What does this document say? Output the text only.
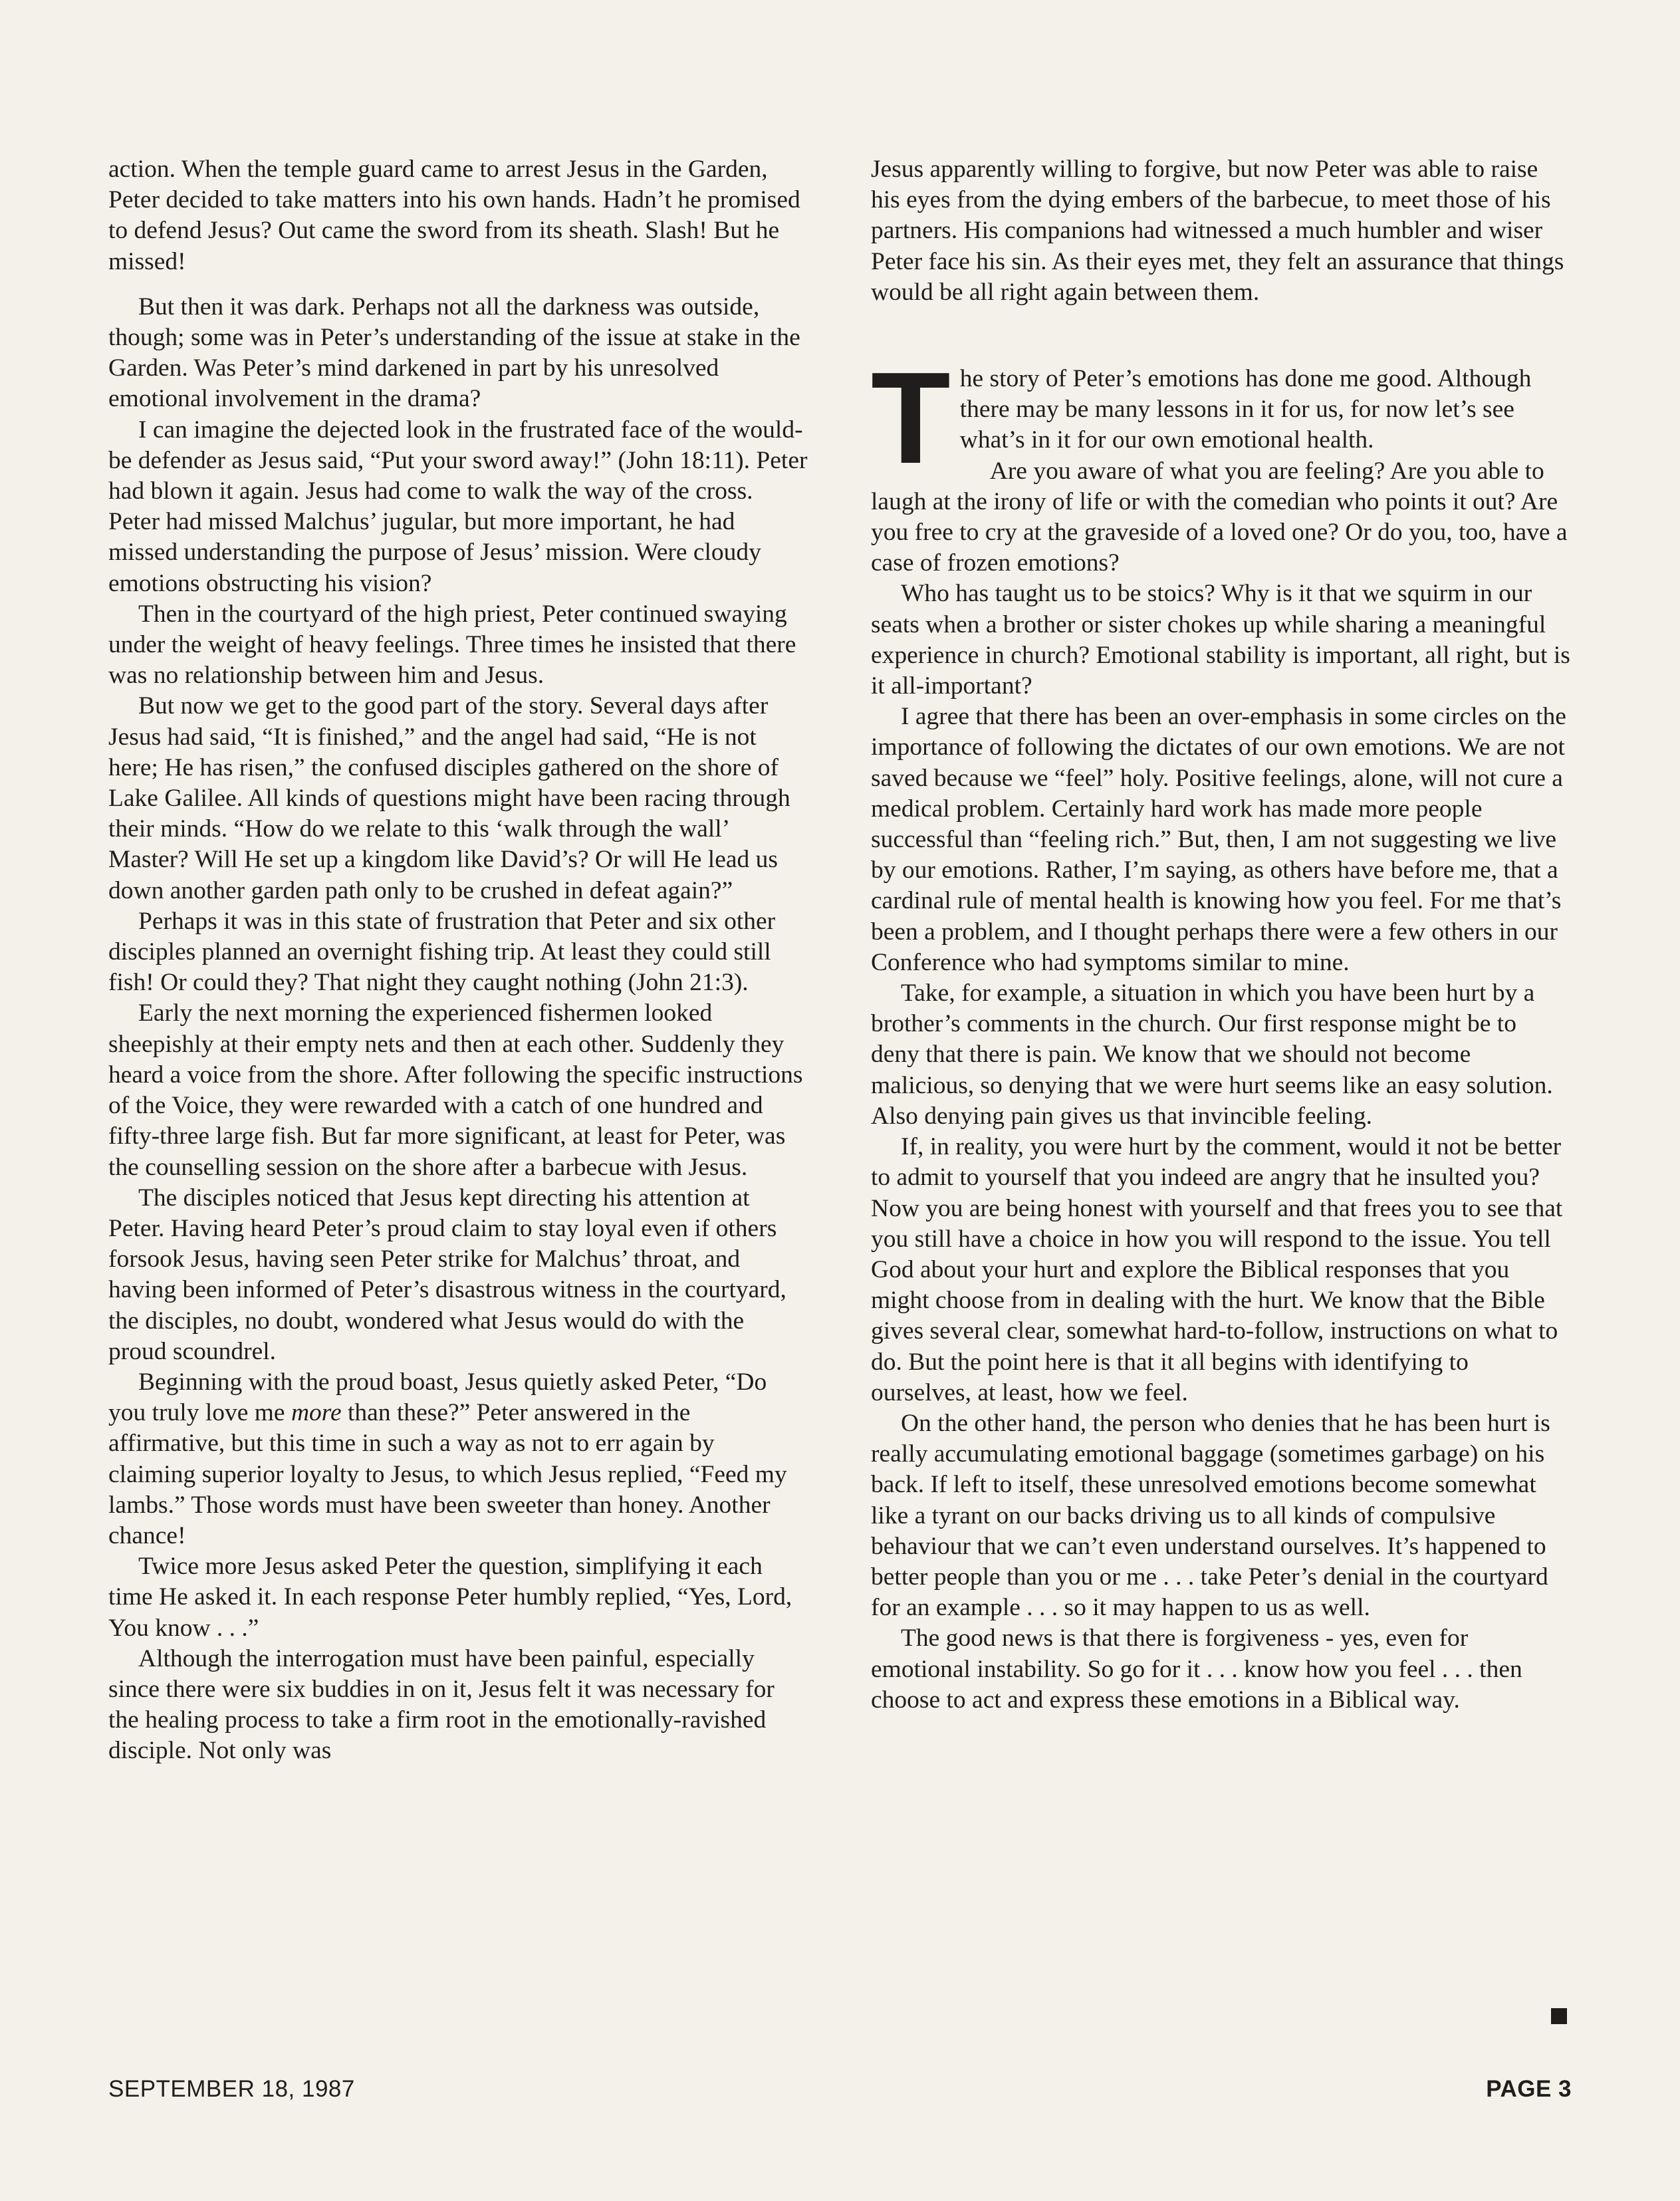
action. When the temple guard came to arrest Jesus in the Garden, Peter decided to take matters into his own hands. Hadn’t he promised to defend Jesus? Out came the sword from its sheath. Slash! But he missed!

But then it was dark. Perhaps not all the darkness was outside, though; some was in Peter’s understanding of the issue at stake in the Garden. Was Peter’s mind darkened in part by his unresolved emotional involvement in the drama?

I can imagine the dejected look in the frustrated face of the would-be defender as Jesus said, “Put your sword away!” (John 18:11). Peter had blown it again. Jesus had come to walk the way of the cross. Peter had missed Malchus’ jugular, but more important, he had missed understanding the purpose of Jesus’ mission. Were cloudy emotions obstructing his vision?

Then in the courtyard of the high priest, Peter continued swaying under the weight of heavy feelings. Three times he insisted that there was no relationship between him and Jesus.

But now we get to the good part of the story. Several days after Jesus had said, “It is finished,” and the angel had said, “He is not here; He has risen,” the confused disciples gathered on the shore of Lake Galilee. All kinds of questions might have been racing through their minds. “How do we relate to this ‘walk through the wall’ Master? Will He set up a kingdom like David’s? Or will He lead us down another garden path only to be crushed in defeat again?”

Perhaps it was in this state of frustration that Peter and six other disciples planned an overnight fishing trip. At least they could still fish! Or could they? That night they caught nothing (John 21:3).

Early the next morning the experienced fishermen looked sheepishly at their empty nets and then at each other. Suddenly they heard a voice from the shore. After following the specific instructions of the Voice, they were rewarded with a catch of one hundred and fifty-three large fish. But far more significant, at least for Peter, was the counselling session on the shore after a barbecue with Jesus.

The disciples noticed that Jesus kept directing his attention at Peter. Having heard Peter’s proud claim to stay loyal even if others forsook Jesus, having seen Peter strike for Malchus’ throat, and having been informed of Peter’s disastrous witness in the courtyard, the disciples, no doubt, wondered what Jesus would do with the proud scoundrel.

Beginning with the proud boast, Jesus quietly asked Peter, “Do you truly love me more than these?” Peter answered in the affirmative, but this time in such a way as not to err again by claiming superior loyalty to Jesus, to which Jesus replied, “Feed my lambs.” Those words must have been sweeter than honey. Another chance!

Twice more Jesus asked Peter the question, simplifying it each time He asked it. In each response Peter humbly replied, “Yes, Lord, You know . . .”

Although the interrogation must have been painful, especially since there were six buddies in on it, Jesus felt it was necessary for the healing process to take a firm root in the emotionally-ravished disciple. Not only was

Jesus apparently willing to forgive, but now Peter was able to raise his eyes from the dying embers of the barbecue, to meet those of his partners. His companions had witnessed a much humbler and wiser Peter face his sin. As their eyes met, they felt an assurance that things would be all right again between them.

The story of Peter’s emotions has done me good. Although there may be many lessons in it for us, for now let’s see what’s in it for our own emotional health.

Are you aware of what you are feeling? Are you able to laugh at the irony of life or with the comedian who points it out? Are you free to cry at the graveside of a loved one? Or do you, too, have a case of frozen emotions?

Who has taught us to be stoics? Why is it that we squirm in our seats when a brother or sister chokes up while sharing a meaningful experience in church? Emotional stability is important, all right, but is it all-important?

I agree that there has been an over-emphasis in some circles on the importance of following the dictates of our own emotions. We are not saved because we “feel” holy. Positive feelings, alone, will not cure a medical problem. Certainly hard work has made more people successful than “feeling rich.” But, then, I am not suggesting we live by our emotions. Rather, I’m saying, as others have before me, that a cardinal rule of mental health is knowing how you feel. For me that’s been a problem, and I thought perhaps there were a few others in our Conference who had symptoms similar to mine.

Take, for example, a situation in which you have been hurt by a brother’s comments in the church. Our first response might be to deny that there is pain. We know that we should not become malicious, so denying that we were hurt seems like an easy solution. Also denying pain gives us that invincible feeling.

If, in reality, you were hurt by the comment, would it not be better to admit to yourself that you indeed are angry that he insulted you? Now you are being honest with yourself and that frees you to see that you still have a choice in how you will respond to the issue. You tell God about your hurt and explore the Biblical responses that you might choose from in dealing with the hurt. We know that the Bible gives several clear, somewhat hard-to-follow, instructions on what to do. But the point here is that it all begins with identifying to ourselves, at least, how we feel.

On the other hand, the person who denies that he has been hurt is really accumulating emotional baggage (sometimes garbage) on his back. If left to itself, these unresolved emotions become somewhat like a tyrant on our backs driving us to all kinds of compulsive behaviour that we can’t even understand ourselves. It’s happened to better people than you or me . . . take Peter’s denial in the courtyard for an example . . . so it may happen to us as well.

The good news is that there is forgiveness - yes, even for emotional instability. So go for it . . . know how you feel . . . then choose to act and express these emotions in a Biblical way.

SEPTEMBER 18, 1987	PAGE 3
